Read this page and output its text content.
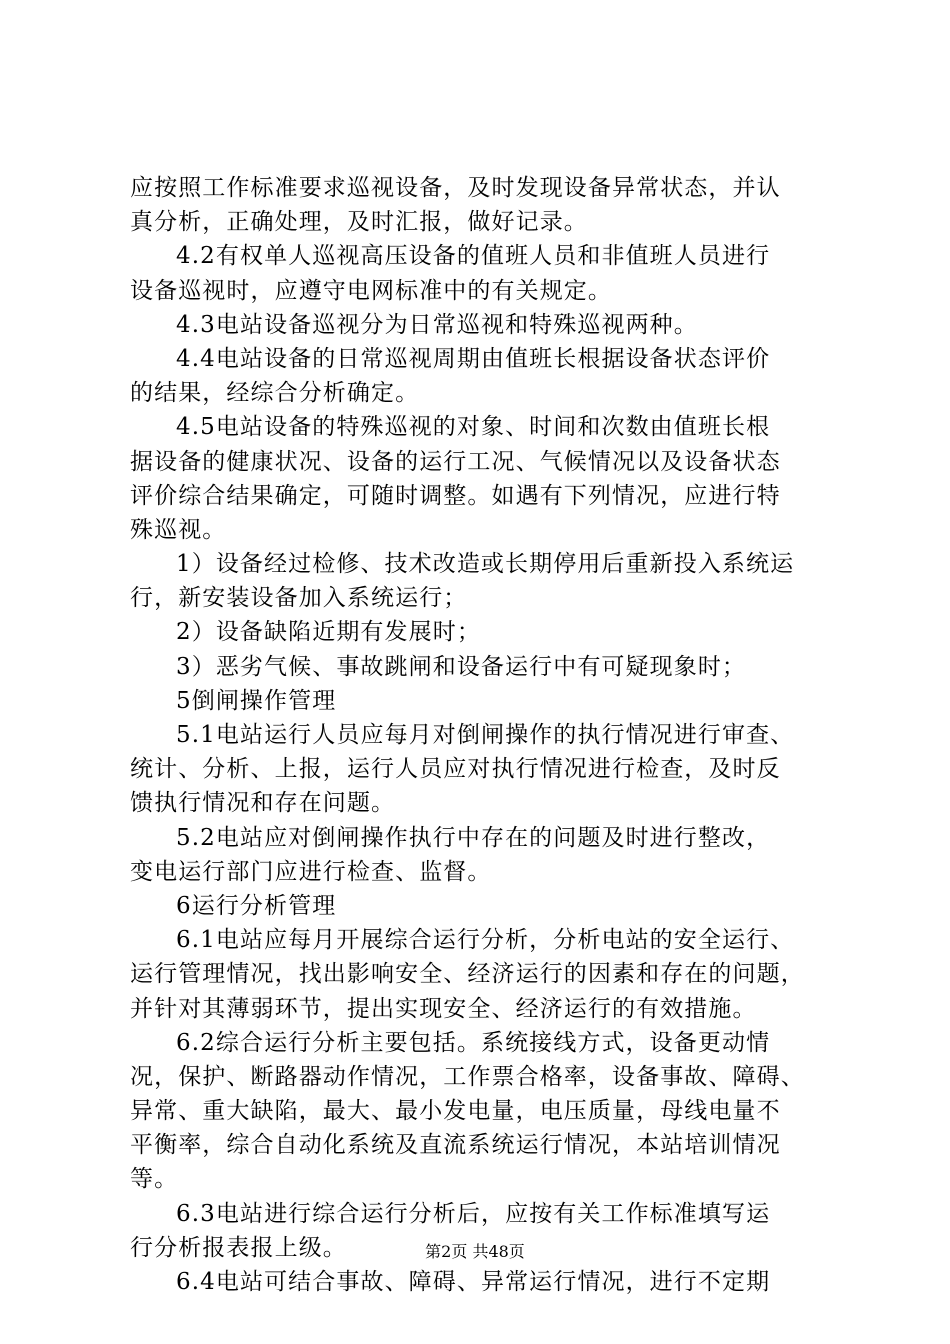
应按照工作标准要求巡视设备，及时发现设备异常状态，并认
真分析，正确处理，及时汇报，做好记录。
4.2有权单人巡视高压设备的值班人员和非值班人员进行
设备巡视时，应遵守电网标准中的有关规定。
4.3电站设备巡视分为日常巡视和特殊巡视两种。
4.4电站设备的日常巡视周期由值班长根据设备状态评价
的结果，经综合分析确定。
4.5电站设备的特殊巡视的对象、时间和次数由值班长根
据设备的健康状况、设备的运行工况、气候情况以及设备状态
评价综合结果确定，可随时调整。如遇有下列情况，应进行特
殊巡视。
1）设备经过检修、技术改造或长期停用后重新投入系统运
行，新安装设备加入系统运行；
2）设备缺陷近期有发展时；
3）恶劣气候、事故跳闸和设备运行中有可疑现象时；
5倒闸操作管理
5.1电站运行人员应每月对倒闸操作的执行情况进行审查、
统计、分析、上报，运行人员应对执行情况进行检查，及时反
馈执行情况和存在问题。
5.2电站应对倒闸操作执行中存在的问题及时进行整改，
变电运行部门应进行检查、监督。
6运行分析管理
6.1电站应每月开展综合运行分析，分析电站的安全运行、
运行管理情况，找出影响安全、经济运行的因素和存在的问题，
并针对其薄弱环节，提出实现安全、经济运行的有效措施。
6.2综合运行分析主要包括。系统接线方式，设备更动情
况，保护、断路器动作情况，工作票合格率，设备事故、障碍、
异常、重大缺陷，最大、最小发电量，电压质量，母线电量不
平衡率，综合自动化系统及直流系统运行情况，本站培训情况
等。
6.3电站进行综合运行分析后，应按有关工作标准填写运
行分析报表报上级。
6.4电站可结合事故、障碍、异常运行情况，进行不定期
第2页 共48页
